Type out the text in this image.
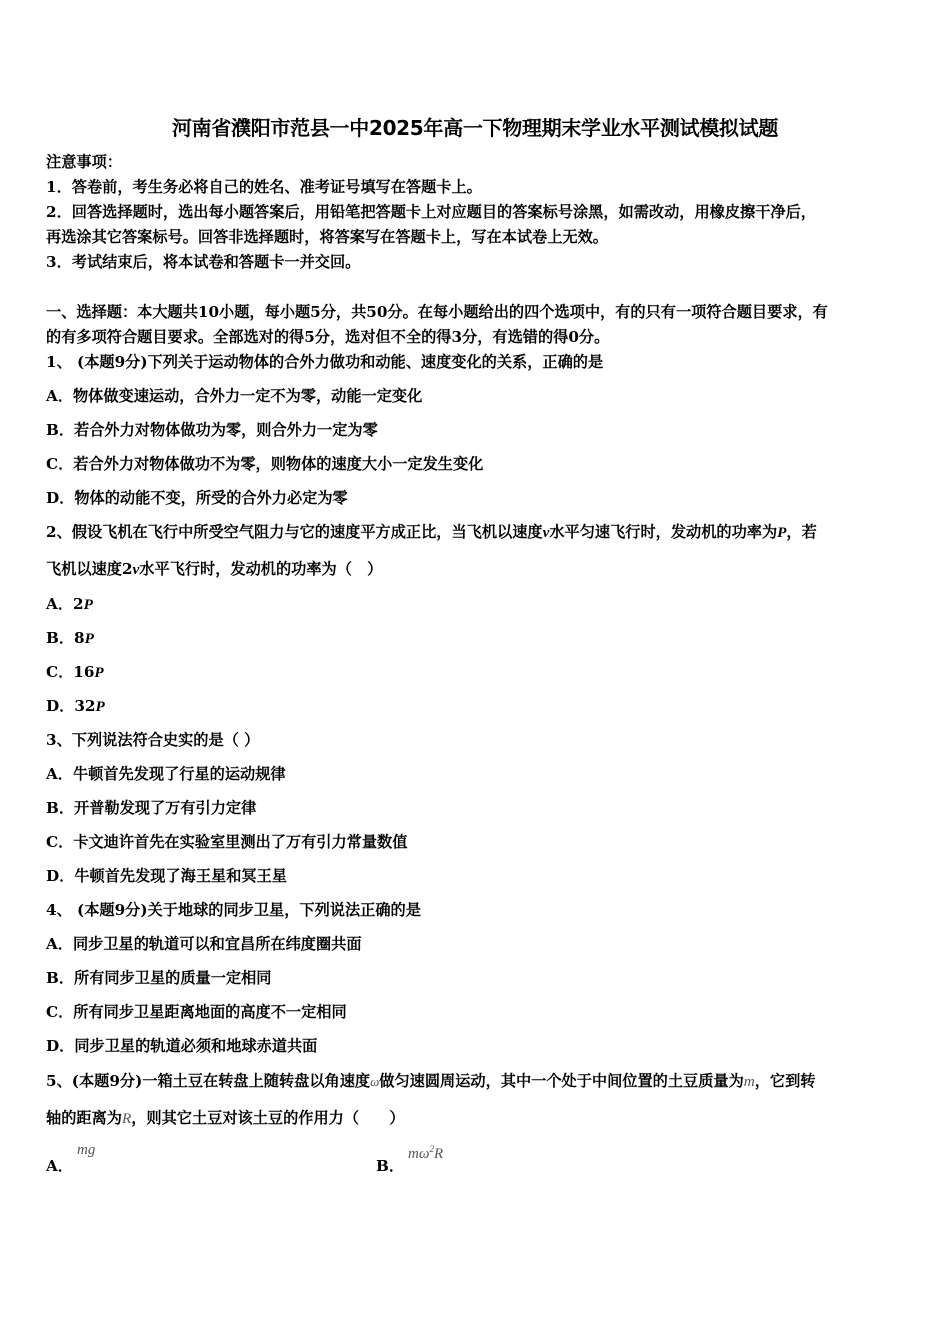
河南省濮阳市范县一中2025年高一下物理期末学业水平测试模拟试题
注意事项：
1．答卷前，考生务必将自己的姓名、准考证号填写在答题卡上。
2．回答选择题时，选出每小题答案后，用铅笔把答题卡上对应题目的答案标号涂黑，如需改动，用橡皮擦干净后，
再选涂其它答案标号。回答非选择题时，将答案写在答题卡上，写在本试卷上无效。
3．考试结束后，将本试卷和答题卡一并交回。
一、选择题：本大题共10小题，每小题5分，共50分。在每小题给出的四个选项中，有的只有一项符合题目要求，有
的有多项符合题目要求。全部选对的得5分，选对但不全的得3分，有选错的得0分。
1、 (本题9分)下列关于运动物体的合外力做功和动能、速度变化的关系，正确的是
A．物体做变速运动，合外力一定不为零，动能一定变化
B．若合外力对物体做功为零，则合外力一定为零
C．若合外力对物体做功不为零，则物体的速度大小一定发生变化
D．物体的动能不变，所受的合外力必定为零
2、假设飞机在飞行中所受空气阻力与它的速度平方成正比，当飞机以速度v水平匀速飞行时，发动机的功率为P，若
飞机以速度2v水平飞行时，发动机的功率为（　）
A．2P
B．8P
C．16P
D．32P
3、下列说法符合史实的是（ ）
A．牛顿首先发现了行星的运动规律
B．开普勒发现了万有引力定律
C．卡文迪许首先在实验室里测出了万有引力常量数值
D．牛顿首先发现了海王星和冥王星
4、 (本题9分)关于地球的同步卫星，下列说法正确的是
A．同步卫星的轨道可以和宜昌所在纬度圈共面
B．所有同步卫星的质量一定相同
C．所有同步卫星距离地面的高度不一定相同
D．同步卫星的轨道必须和地球赤道共面
5、(本题9分)一箱土豆在转盘上随转盘以角速度ω做匀速圆周运动，其中一个处于中间位置的土豆质量为m，它到转
轴的距离为R，则其它土豆对该土豆的作用力（　　）
A．
mg
B．
$m\omega^2R$
